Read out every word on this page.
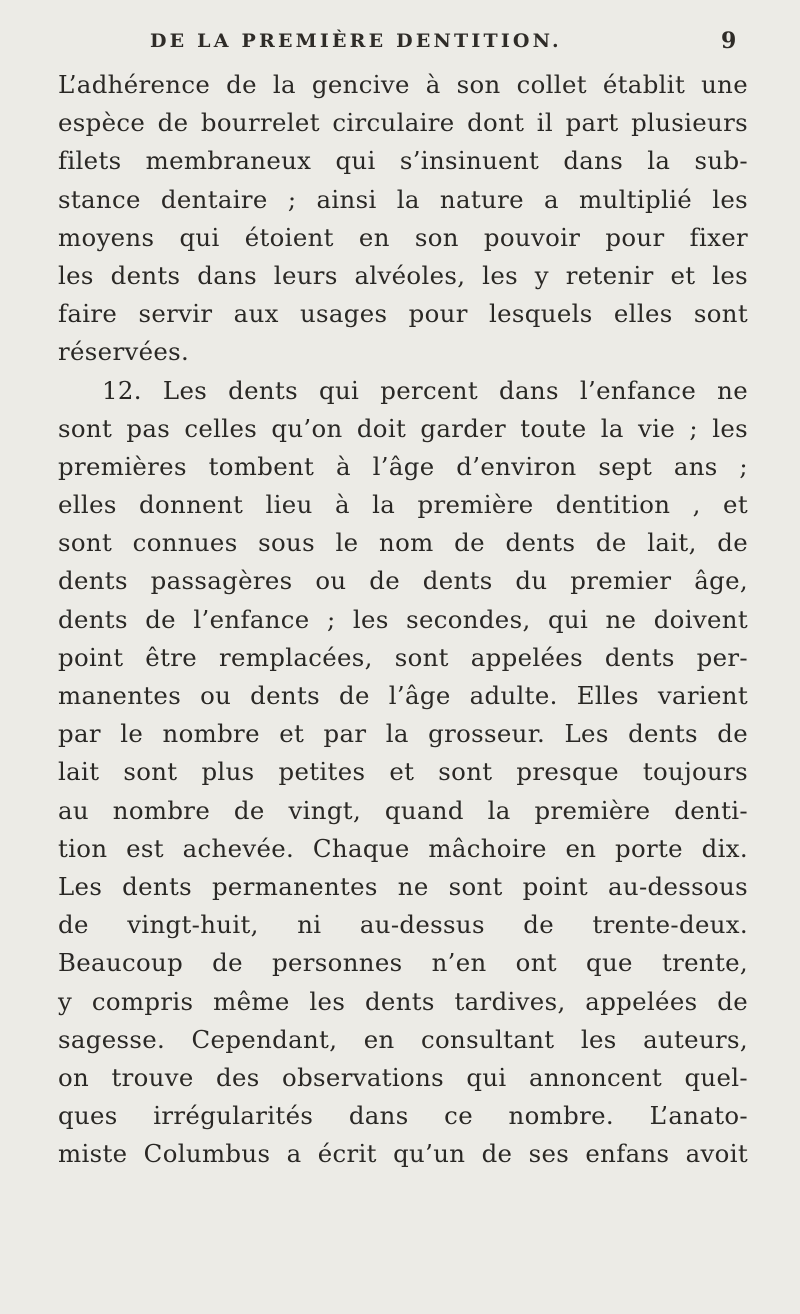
DE LA PREMIÈRE DENTITION.	9
L’adhérence de la gencive à son collet établit une
espèce de bourrelet circulaire dont il part plusieurs
filets membraneux qui s’insinuent dans la sub-
stance dentaire ; ainsi la nature a multiplié les
moyens qui étoient en son pouvoir pour fixer
les dents dans leurs alvéoles, les y retenir et les
faire servir aux usages pour lesquels elles sont
réservées.
12. Les dents qui percent dans l’enfance ne
sont pas celles qu’on doit garder toute la vie ; les
premières tombent à l’âge d’environ sept ans ;
elles donnent lieu à la première dentition , et
sont connues sous le nom de dents de lait, de
dents passagères ou de dents du premier âge,
dents de l’enfance ; les secondes, qui ne doivent
point être remplacées, sont appelées dents per-
manentes ou dents de l’âge adulte. Elles varient
par le nombre et par la grosseur. Les dents de
lait sont plus petites et sont presque toujours
au nombre de vingt, quand la première denti-
tion est achevée. Chaque mâchoire en porte dix.
Les dents permanentes ne sont point au-dessous
de vingt-huit, ni au-dessus de trente-deux.
Beaucoup de personnes n’en ont que trente,
y compris même les dents tardives, appelées de
sagesse. Cependant, en consultant les auteurs,
on trouve des observations qui annoncent quel-
ques irrégularités dans ce nombre. L’anato-
miste Columbus a écrit qu’un de ses enfans avoit
